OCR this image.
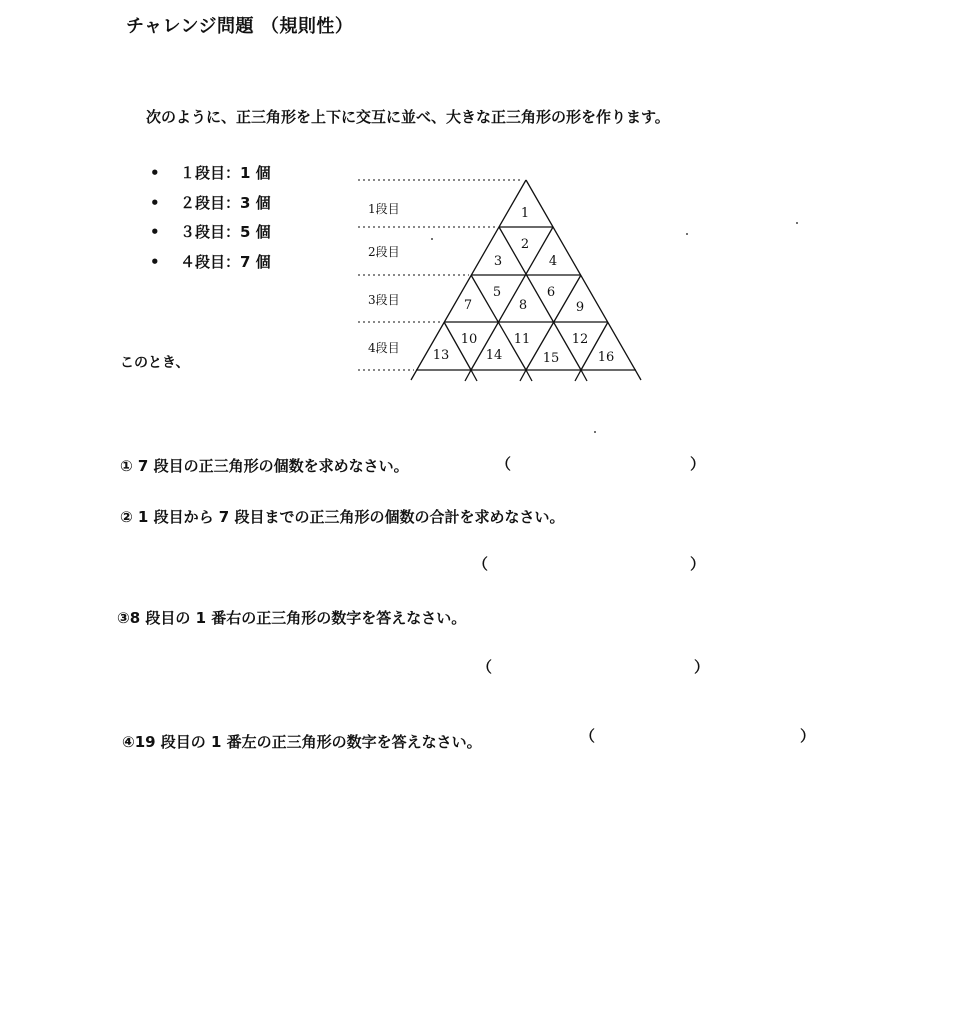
チャレンジ問題 （規則性）
次のように、正三角形を上下に交互に並べ、大きな正三角形の形を作ります。
• １段目：1 個
• ２段目：3 個
• ３段目：5 個
• ４段目：7 個
1段目
2段目
3段目
4段目
1
2
3	4
5	6
7	8	9
10	11	12
13	14	15	16
このとき、
① 7 段目の正三角形の個数を求めなさい。	（	）
② 1 段目から 7 段目までの正三角形の個数の合計を求めなさい。
（	）
③8 段目の 1 番右の正三角形の数字を答えなさい。
（	）
④19 段目の 1 番左の正三角形の数字を答えなさい。	（	）
